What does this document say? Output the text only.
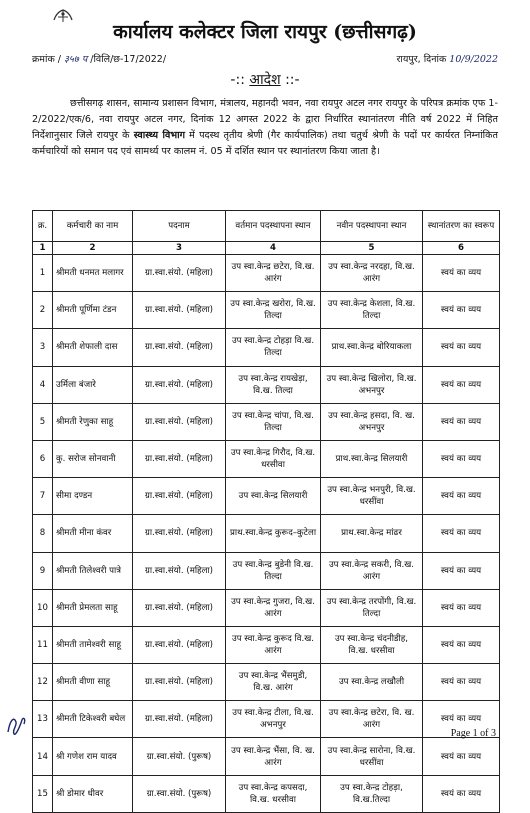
कार्यालय कलेक्टर जिला रायपुर (छत्तीसगढ़)
क्रमांक / ३५७ प /विलि/छ-17/2022/	रायपुर, दिनांक 10/9/2022
-:: आदेश ::-
छत्तीसगढ़ शासन, सामान्य प्रशासन विभाग, मंत्रालय, महानदी भवन, नवा रायपुर अटल नगर रायपुर के परिपत्र क्रमांक एफ 1-2/2022/एक/6, नवा रायपुर अटल नगर, दिनांक 12 अगस्त 2022 के द्वारा निर्धारित स्थानांतरण नीति वर्ष 2022 में निहित निर्देशानुसार जिले रायपुर के स्वास्थ्य विभाग में पदस्थ तृतीय श्रेणी (गैर कार्यपालिक) तथा चतुर्थ श्रेणी के पदों पर कार्यरत निम्नांकित कर्मचारियों को समान पद एवं सामर्थ्य पर कालम नं. 05 में दर्शित स्थान पर स्थानांतरण किया जाता है।
क्र.	कर्मचारी का नाम	पदनाम	वर्तमान पदस्थापना स्थान	नवीन पदस्थापना स्थान	स्थानांतरण का स्वरूप
1	2	3	4	5	6
1	श्रीमती धनमत मलागर	ग्रा.स्वा.संयो. (महिला)	उप स्वा.केन्द्र छटेरा, वि.ख. आरंग	उप स्वा.केन्द्र नरदहा, वि.ख. आरंग	स्वयं का व्यय
2	श्रीमती पूर्णिमा टंडन	ग्रा.स्वा.संयो. (महिला)	उप स्वा.केन्द्र खरोरा, वि.ख. तिल्दा	उप स्वा.केन्द्र केशला, वि.ख. तिल्दा	स्वयं का व्यय
3	श्रीमती शेफाली दास	ग्रा.स्वा.संयो. (महिला)	उप स्वा.केन्द्र टोहड़ा वि.ख. तिल्दा	प्राथ.स्वा.केन्द्र बोरियाकला	स्वयं का व्यय
4	उर्मिला बंजारे	ग्रा.स्वा.संयो. (महिला)	उप स्वा.केन्द्र रायखेड़ा, वि.ख. तिल्दा	उप स्वा.केन्द्र खिलोरा, वि.ख. अभनपुर	स्वयं का व्यय
5	श्रीमती रेणुका साहू	ग्रा.स्वा.संयो. (महिला)	उप स्वा.केन्द्र चांपा, वि.ख. तिल्दा	उप स्वा.केन्द्र हसदा, वि. ख. अभनपुर	स्वयं का व्यय
6	कु. सरोज सोनवानी	ग्रा.स्वा.संयो. (महिला)	उप स्वा.केन्द्र गिरौद, वि.ख. धरसीवा	प्राथ.स्वा.केन्द्र सिलयारी	स्वयं का व्यय
7	सीमा दण्डन	ग्रा.स्वा.संयो. (महिला)	उप स्वा.केन्द्र सिलयारी	उप स्वा.केन्द्र भनपुरी, वि.ख. धरसींवा	स्वयं का व्यय
8	श्रीमती मीना कंवर	ग्रा.स्वा.संयो. (महिला)	प्राथ.स्वा.केन्द्र कुरूद–कुटेला	प्राथ.स्वा.केन्द्र मांढर	स्वयं का व्यय
9	श्रीमती तिलेश्वरी पात्रे	ग्रा.स्वा.संयो. (महिला)	उप स्वा.केन्द्र बुडेनी वि.ख. तिल्दा	उप स्वा.केन्द्र सकरी, वि.ख. आरंग	स्वयं का व्यय
10	श्रीमती प्रेमलता साहू	ग्रा.स्वा.संयो. (महिला)	उप स्वा.केन्द्र गुजरा, वि.ख. आरंग	उप स्वा.केन्द्र तरपोंगी, वि.ख. तिल्दा	स्वयं का व्यय
11	श्रीमती तामेश्वरी साहू	ग्रा.स्वा.संयो. (महिला)	उप स्वा.केन्द्र कुरूद वि.ख. आरंग	उप स्वा.केन्द्र चंदनीडीह, वि.ख. धरसीवा	स्वयं का व्यय
12	श्रीमती वीणा साहू	ग्रा.स्वा.संयो. (महिला)	उप स्वा.केन्द्र भैंसमुडी, वि.ख. आरंग	उप स्वा.केन्द्र लखौली	स्वयं का व्यय
13	श्रीमती टिकेश्वरी बघेल	ग्रा.स्वा.संयो. (महिला)	उप स्वा.केन्द्र टीला, वि.ख. अभनपुर	उप स्वा.केन्द्र छटेरा, वि. ख. आरंग	स्वयं का व्यय
14	श्री गणेश राम यादव	ग्रा.स्वा.संयो. (पुरूष)	उप स्वा.केन्द्र भैंसा, वि. ख. आरंग	उप स्वा.केन्द्र सारोना, वि.ख. धरसींवा	स्वयं का व्यय
15	श्री डोमार धीवर	ग्रा.स्वा.संयो. (पुरूष)	उप स्वा.केन्द्र कपसदा, वि.ख. धरसीवा	उप स्वा.केन्द्र टोहड़ा, वि.ख.तिल्दा	स्वयं का व्यय
Page 1 of 3
